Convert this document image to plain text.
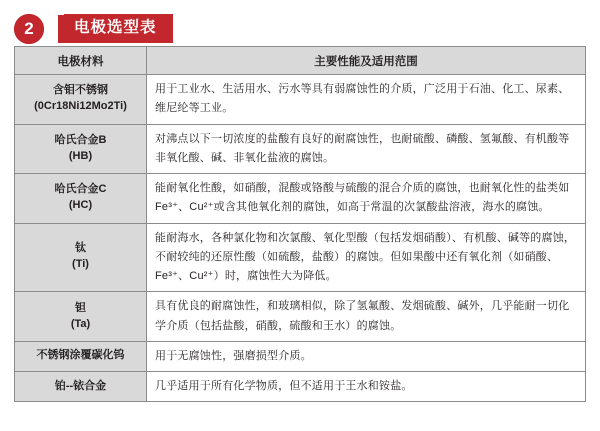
2	电极选型表
电极材料	主要性能及适用范围
含钼不锈钢
(0Cr18Ni12Mo2Ti)	用于工业水、生活用水、污水等具有弱腐蚀性的介质，广泛用于石油、化工、尿素、维尼纶等工业。
哈氏合金B
(HB)	对沸点以下一切浓度的盐酸有良好的耐腐蚀性，也耐硫酸、磷酸、氢氟酸、有机酸等非氧化酸、碱、非氧化盐液的腐蚀。
哈氏合金C
(HC)	能耐氧化性酸，如硝酸，混酸或铬酸与硫酸的混合介质的腐蚀，也耐氧化性的盐类如Fe³⁺、Cu²⁺或含其他氧化剂的腐蚀，如高于常温的次氯酸盐溶液，海水的腐蚀。
钛
(Ti)	能耐海水，各种氯化物和次氯酸、氧化型酸（包括发烟硝酸）、有机酸、碱等的腐蚀，不耐较纯的还原性酸（如硫酸，盐酸）的腐蚀。但如果酸中还有氧化剂（如硝酸、Fe³⁺、Cu²⁺）时，腐蚀性大为降低。
钽
(Ta)	具有优良的耐腐蚀性，和玻璃相似，除了氢氟酸、发烟硫酸、碱外，几乎能耐一切化学介质（包括盐酸，硝酸，硫酸和王水）的腐蚀。
不锈钢涂覆碳化钨	用于无腐蚀性，强磨损型介质。
铂--铱合金	几乎适用于所有化学物质，但不适用于王水和铵盐。
